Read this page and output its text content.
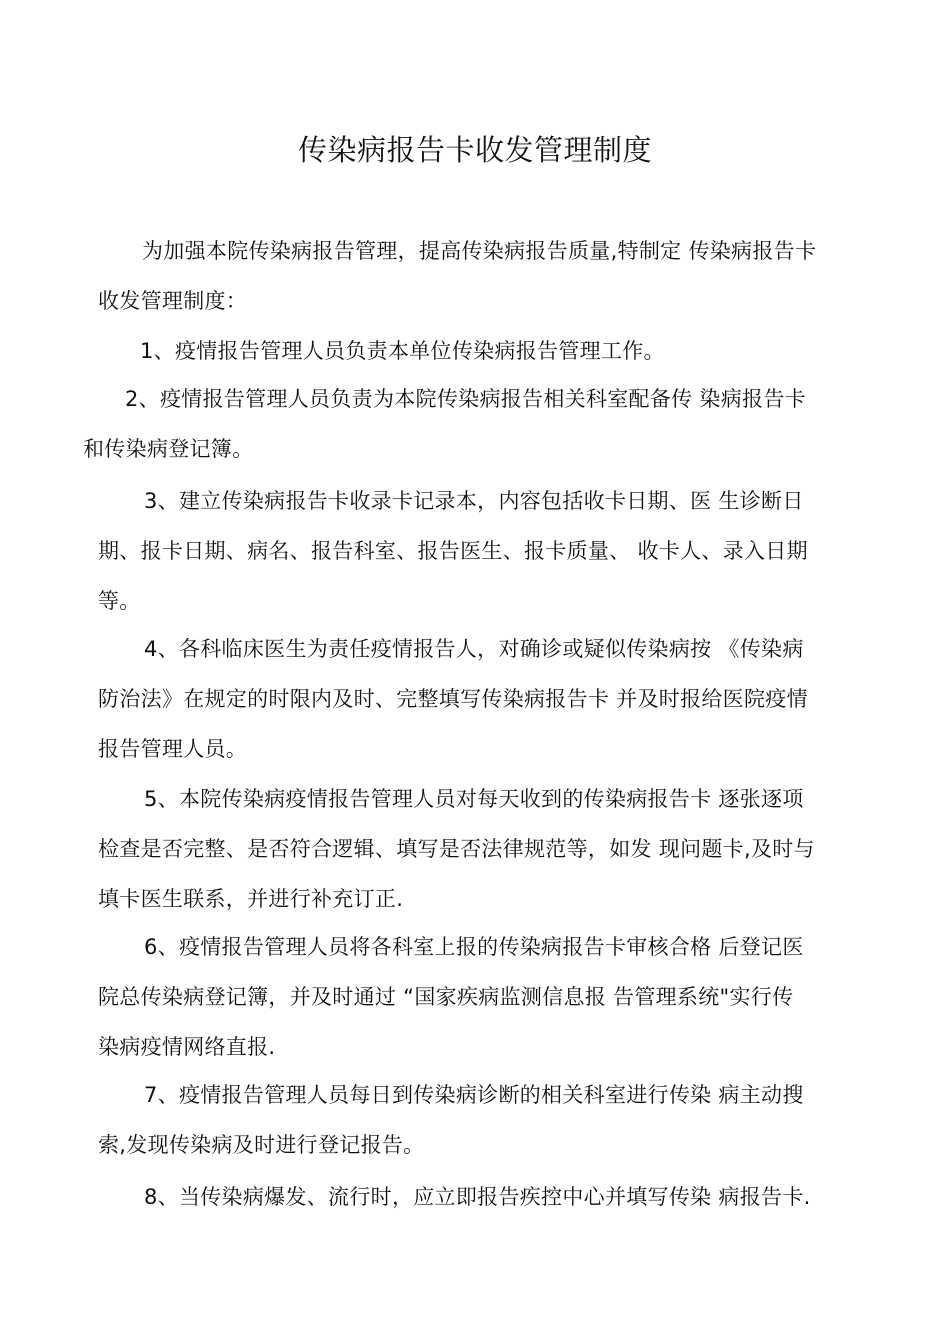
传染病报告卡收发管理制度
为加强本院传染病报告管理，提高传染病报告质量,特制定 传染病报告卡
收发管理制度：
1、疫情报告管理人员负责本单位传染病报告管理工作。
2、疫情报告管理人员负责为本院传染病报告相关科室配备传 染病报告卡
和传染病登记簿。
3、建立传染病报告卡收录卡记录本，内容包括收卡日期、医 生诊断日
期、报卡日期、病名、报告科室、报告医生、报卡质量、 收卡人、录入日期
等。
4、各科临床医生为责任疫情报告人，对确诊或疑似传染病按 《传染病
防治法》在规定的时限内及时、完整填写传染病报告卡 并及时报给医院疫情
报告管理人员。
5、本院传染病疫情报告管理人员对每天收到的传染病报告卡 逐张逐项
检查是否完整、是否符合逻辑、填写是否法律规范等，如发 现问题卡,及时与
填卡医生联系，并进行补充订正.
6、疫情报告管理人员将各科室上报的传染病报告卡审核合格 后登记医
院总传染病登记簿，并及时通过 “国家疾病监测信息报 告管理系统"实行传
染病疫情网络直报.
7、疫情报告管理人员每日到传染病诊断的相关科室进行传染 病主动搜
索,发现传染病及时进行登记报告。
8、当传染病爆发、流行时，应立即报告疾控中心并填写传染 病报告卡.
